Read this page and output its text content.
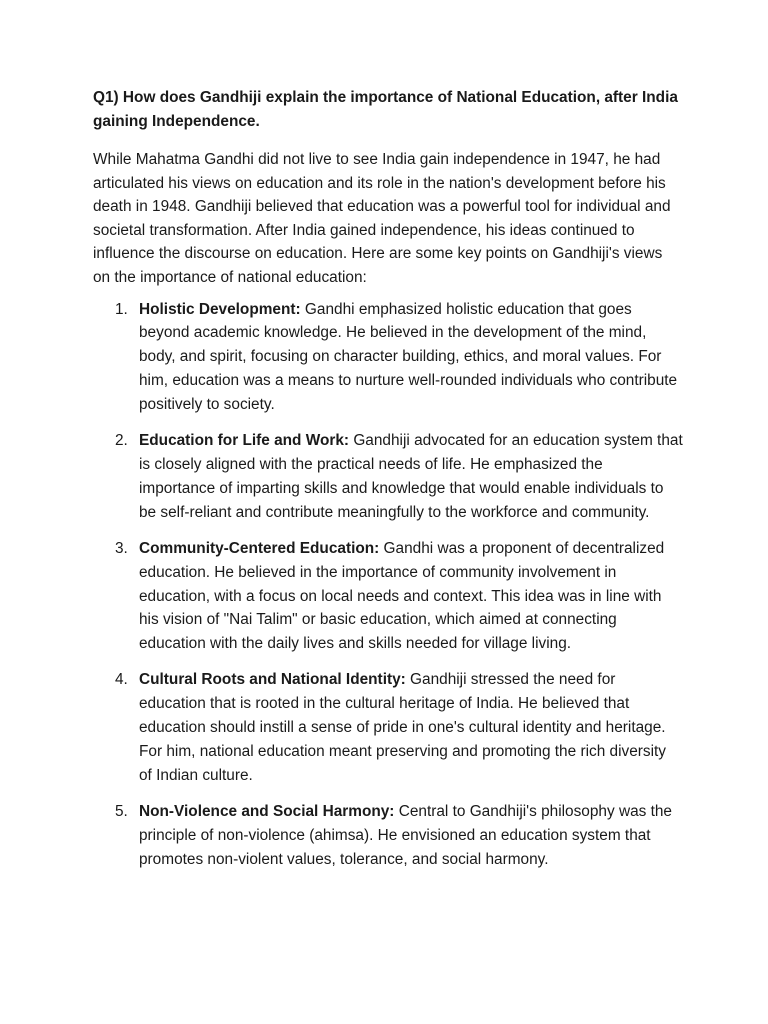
Q1) How does Gandhiji explain the importance of National Education, after India gaining Independence.

While Mahatma Gandhi did not live to see India gain independence in 1947, he had articulated his views on education and its role in the nation's development before his death in 1948. Gandhiji believed that education was a powerful tool for individual and societal transformation. After India gained independence, his ideas continued to influence the discourse on education. Here are some key points on Gandhiji's views on the importance of national education:

1. Holistic Development: Gandhi emphasized holistic education that goes beyond academic knowledge. He believed in the development of the mind, body, and spirit, focusing on character building, ethics, and moral values. For him, education was a means to nurture well-rounded individuals who contribute positively to society.
2. Education for Life and Work: Gandhiji advocated for an education system that is closely aligned with the practical needs of life. He emphasized the importance of imparting skills and knowledge that would enable individuals to be self-reliant and contribute meaningfully to the workforce and community.
3. Community-Centered Education: Gandhi was a proponent of decentralized education. He believed in the importance of community involvement in education, with a focus on local needs and context. This idea was in line with his vision of "Nai Talim" or basic education, which aimed at connecting education with the daily lives and skills needed for village living.
4. Cultural Roots and National Identity: Gandhiji stressed the need for education that is rooted in the cultural heritage of India. He believed that education should instill a sense of pride in one's cultural identity and heritage. For him, national education meant preserving and promoting the rich diversity of Indian culture.
5. Non-Violence and Social Harmony: Central to Gandhiji's philosophy was the principle of non-violence (ahimsa). He envisioned an education system that promotes non-violent values, tolerance, and social harmony.
